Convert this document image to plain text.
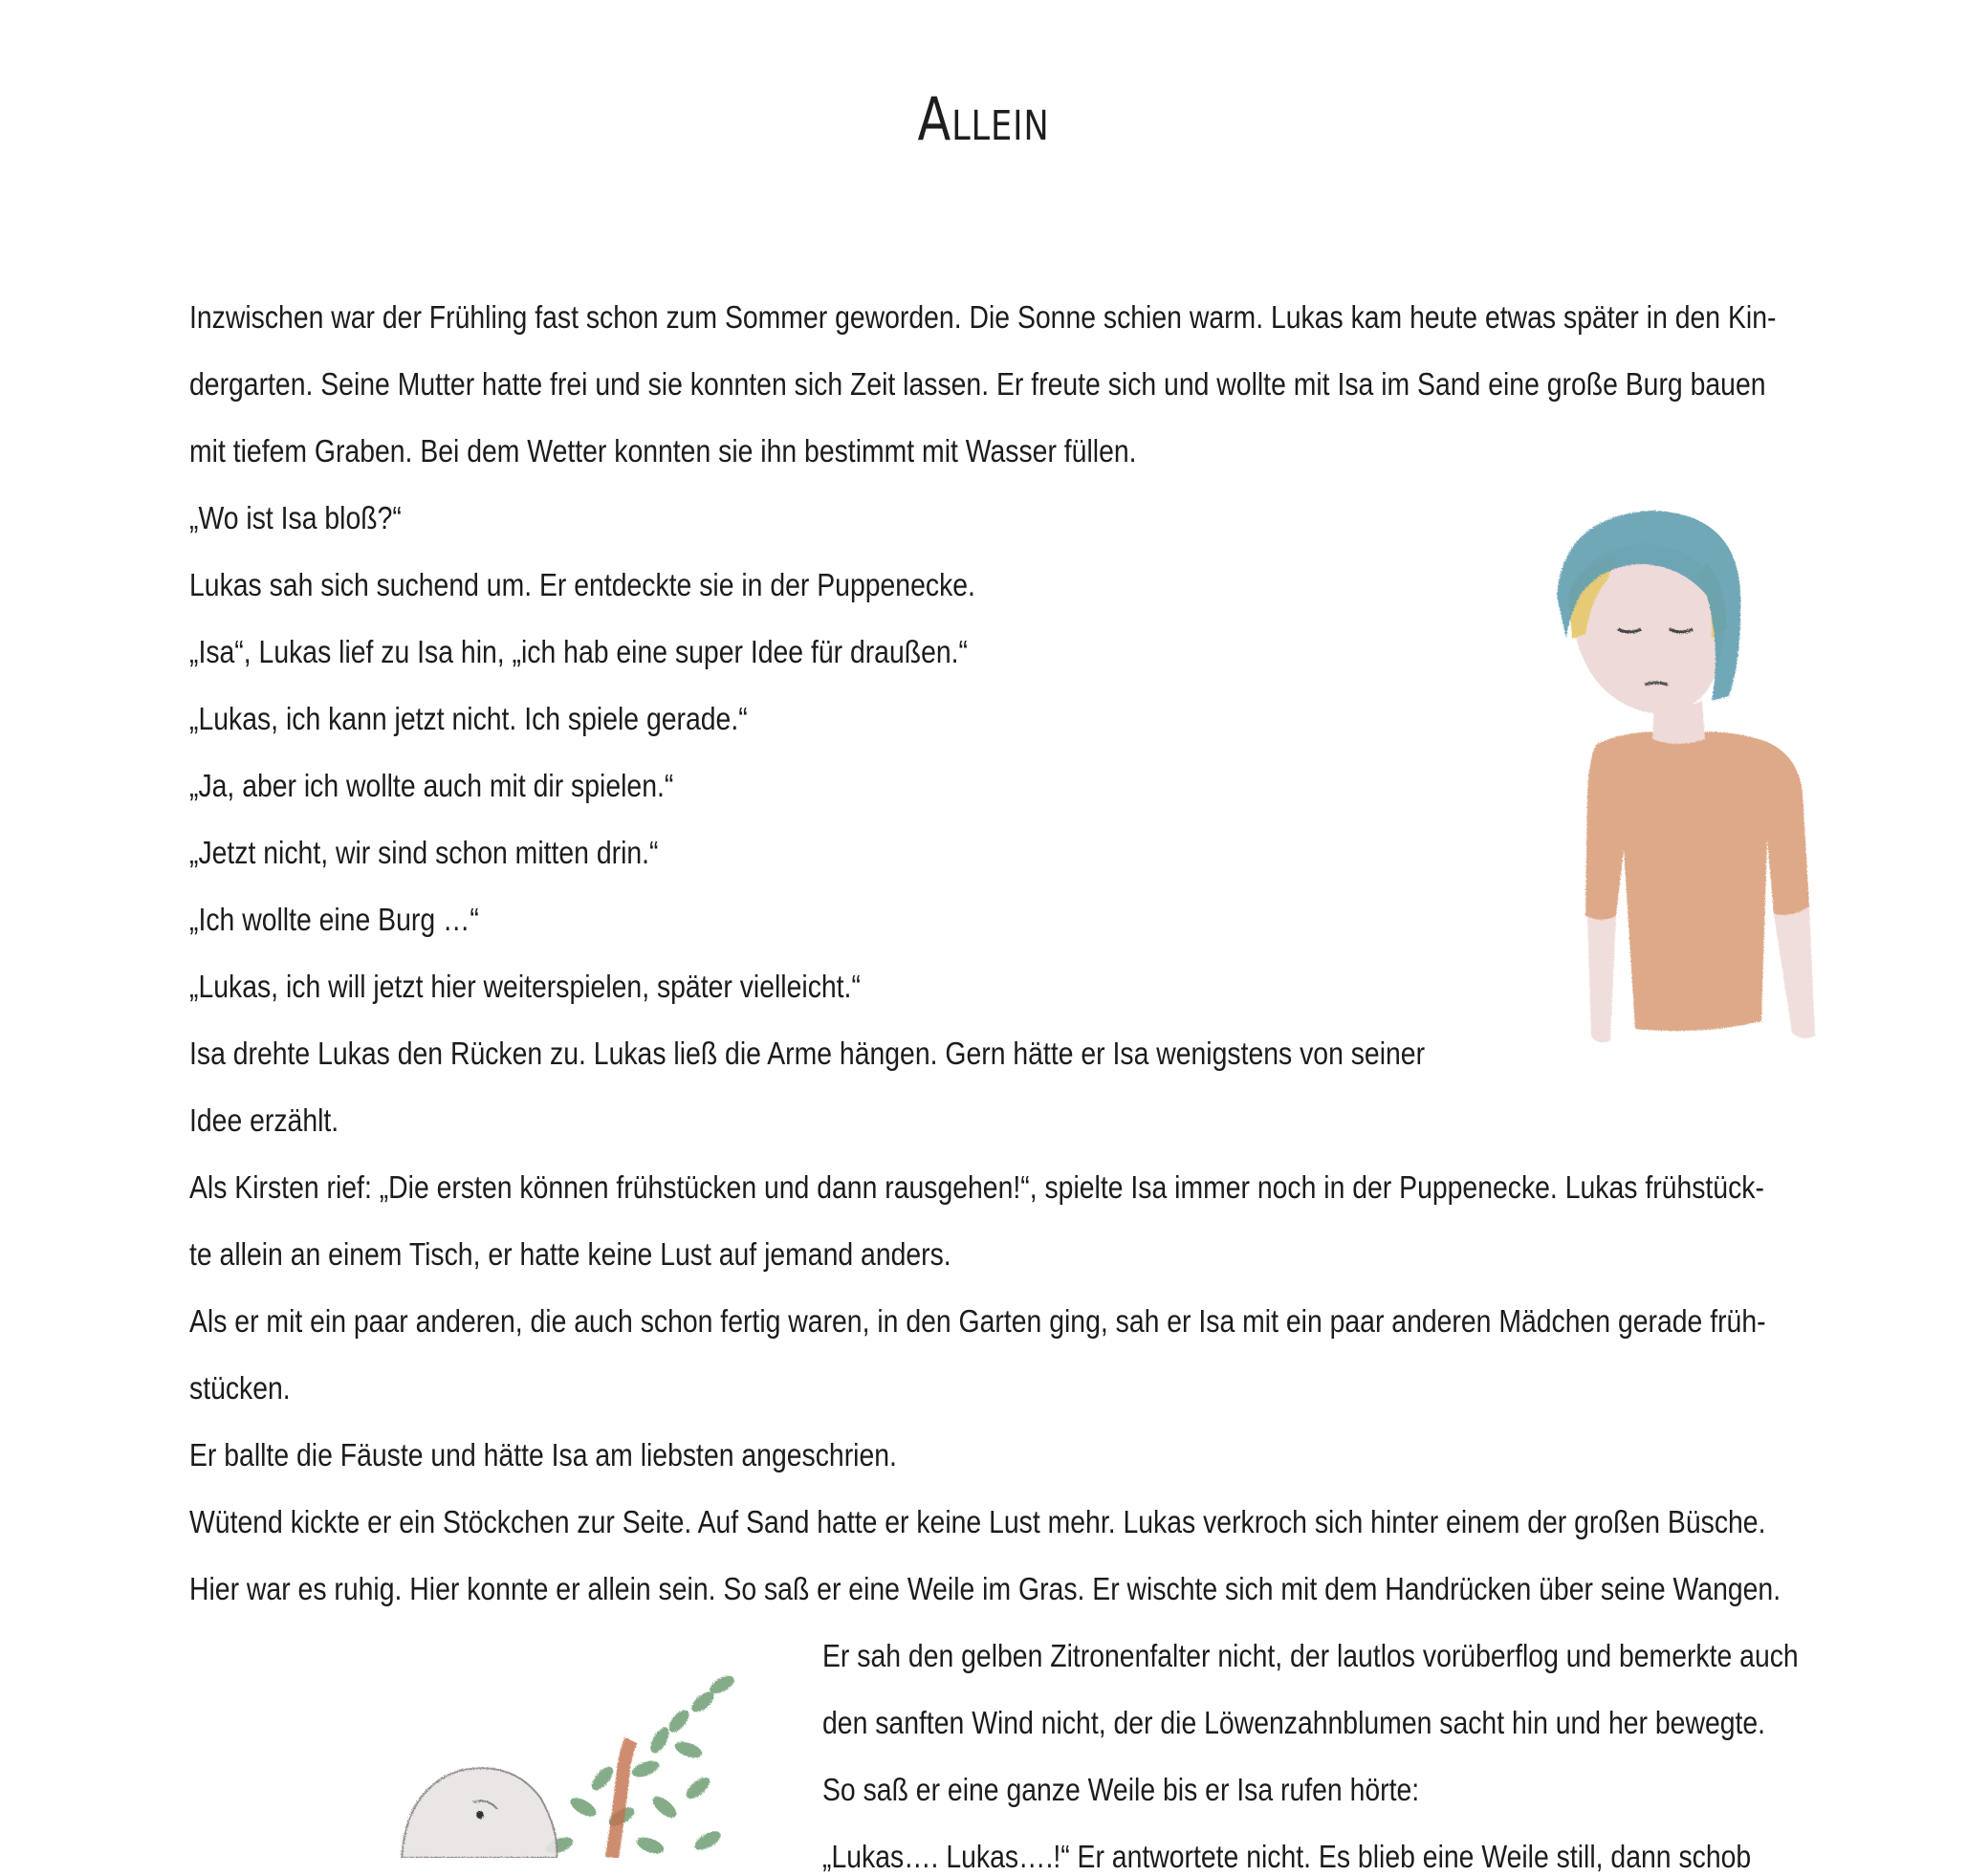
Allein
Inzwischen war der Frühling fast schon zum Sommer geworden. Die Sonne schien warm. Lukas kam heute etwas später in den Kin-
dergarten. Seine Mutter hatte frei und sie konnten sich Zeit lassen. Er freute sich und wollte mit Isa im Sand eine große Burg bauen
mit tiefem Graben. Bei dem Wetter konnten sie ihn bestimmt mit Wasser füllen.
„Wo ist Isa bloß?“
Lukas sah sich suchend um. Er entdeckte sie in der Puppenecke.
„Isa“, Lukas lief zu Isa hin, „ich hab eine super Idee für draußen.“
„Lukas, ich kann jetzt nicht. Ich spiele gerade.“
„Ja, aber ich wollte auch mit dir spielen.“
„Jetzt nicht, wir sind schon mitten drin.“
„Ich wollte eine Burg …“
„Lukas, ich will jetzt hier weiterspielen, später vielleicht.“
Isa drehte Lukas den Rücken zu. Lukas ließ die Arme hängen. Gern hätte er Isa wenigstens von seiner
Idee erzählt.
Als Kirsten rief: „Die ersten können frühstücken und dann rausgehen!“, spielte Isa immer noch in der Puppenecke. Lukas frühstück-
te allein an einem Tisch, er hatte keine Lust auf jemand anders.
Als er mit ein paar anderen, die auch schon fertig waren, in den Garten ging, sah er Isa mit ein paar anderen Mädchen gerade früh-
stücken.
Er ballte die Fäuste und hätte Isa am liebsten angeschrien.
Wütend kickte er ein Stöckchen zur Seite. Auf Sand hatte er keine Lust mehr. Lukas verkroch sich hinter einem der großen Büsche.
Hier war es ruhig. Hier konnte er allein sein. So saß er eine Weile im Gras. Er wischte sich mit dem Handrücken über seine Wangen.
Er sah den gelben Zitronenfalter nicht, der lautlos vorüberflog und bemerkte auch
den sanften Wind nicht, der die Löwenzahnblumen sacht hin und her bewegte.
So saß er eine ganze Weile bis er Isa rufen hörte:
„Lukas…. Lukas….!“ Er antwortete nicht. Es blieb eine Weile still, dann schob
